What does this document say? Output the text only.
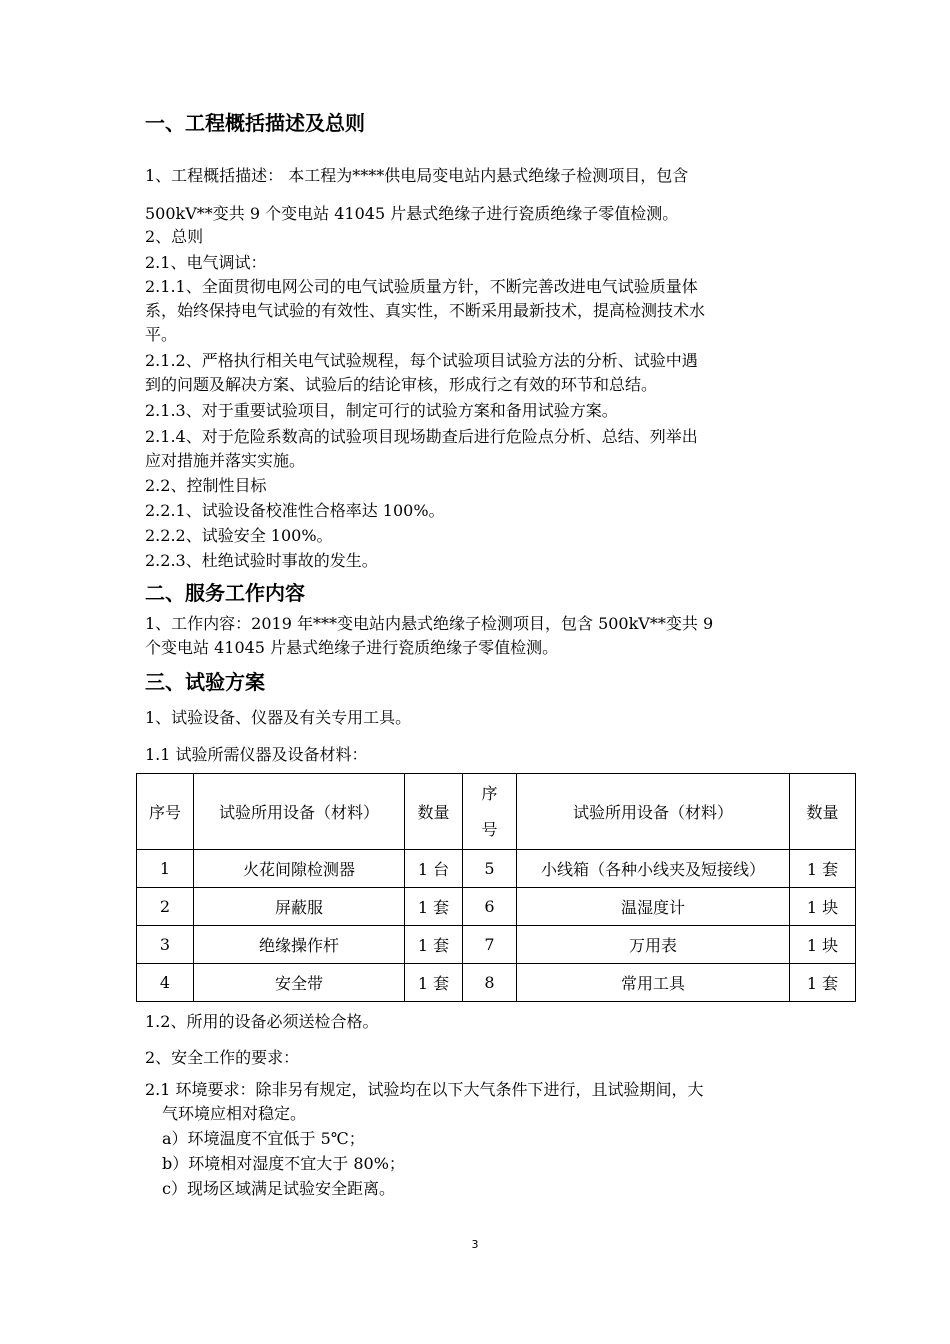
一、工程概括描述及总则
1、工程概括描述： 本工程为****供电局变电站内悬式绝缘子检测项目，包含
500kV**变共 9 个变电站 41045 片悬式绝缘子进行瓷质绝缘子零值检测。
2、总则
2.1、电气调试：
2.1.1、全面贯彻电网公司的电气试验质量方针，不断完善改进电气试验质量体
系，始终保持电气试验的有效性、真实性，不断采用最新技术，提高检测技术水
平。
2.1.2、严格执行相关电气试验规程，每个试验项目试验方法的分析、试验中遇
到的问题及解决方案、试验后的结论审核，形成行之有效的环节和总结。
2.1.3、对于重要试验项目，制定可行的试验方案和备用试验方案。
2.1.4、对于危险系数高的试验项目现场勘查后进行危险点分析、总结、列举出
应对措施并落实实施。
2.2、控制性目标
2.2.1、试验设备校准性合格率达 100%。
2.2.2、试验安全 100%。
2.2.3、杜绝试验时事故的发生。
二、服务工作内容
1、工作内容：2019 年***变电站内悬式绝缘子检测项目，包含 500kV**变共 9
个变电站 41045 片悬式绝缘子进行瓷质绝缘子零值检测。
三、试验方案
1、试验设备、仪器及有关专用工具。
1.1 试验所需仪器及设备材料：
序号	试验所用设备（材料）	数量	序号	试验所用设备（材料）	数量
1	火花间隙检测器	1 台	5	小线箱（各种小线夹及短接线）	1 套
2	屏蔽服	1 套	6	温湿度计	1 块
3	绝缘操作杆	1 套	7	万用表	1 块
4	安全带	1 套	8	常用工具	1 套
1.2、所用的设备必须送检合格。
2、安全工作的要求：
2.1 环境要求：除非另有规定，试验均在以下大气条件下进行，且试验期间，大
气环境应相对稳定。
a）环境温度不宜低于 5℃；
b）环境相对湿度不宜大于 80%；
c）现场区域满足试验安全距离。
3
